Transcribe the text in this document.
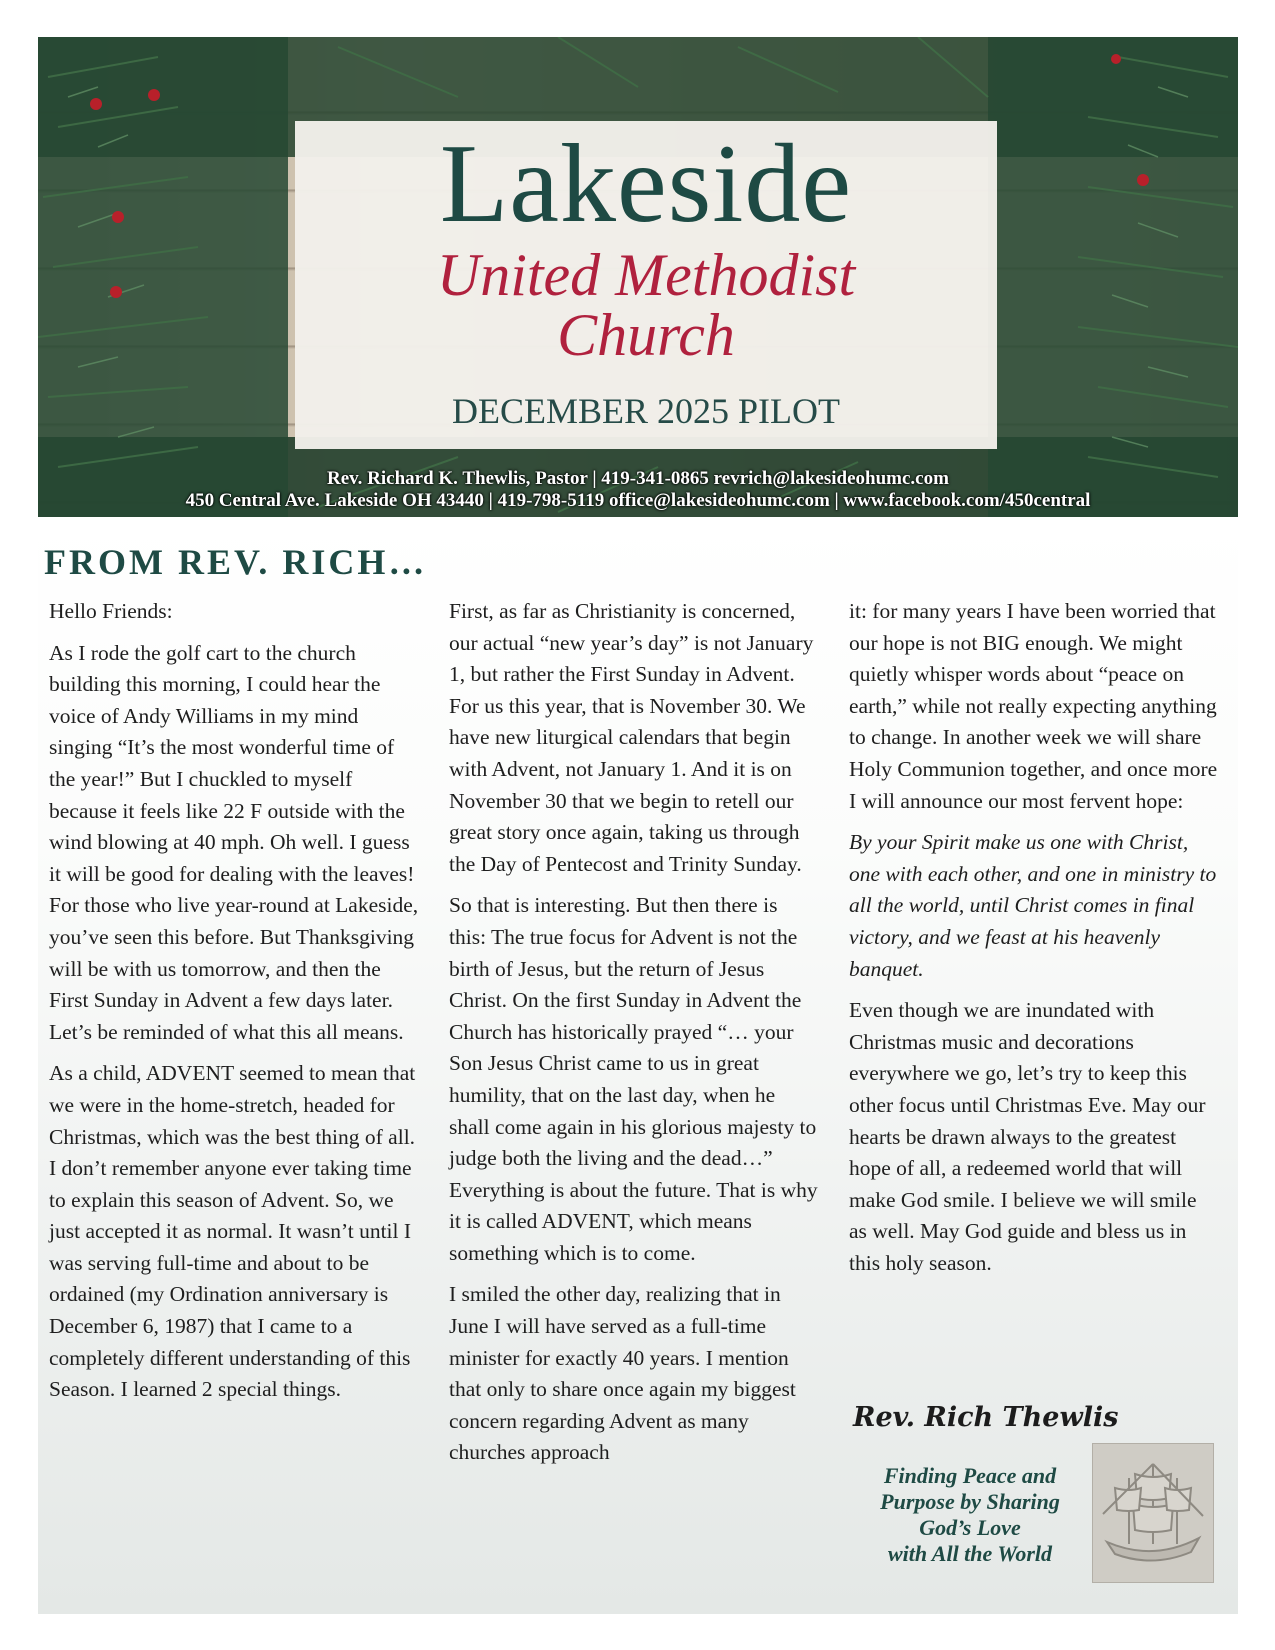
Lakeside
United Methodist
Church
DECEMBER 2025 PILOT
Rev. Richard K. Thewlis, Pastor | 419-341-0865 revrich@lakesideohumc.com
450 Central Ave. Lakeside OH 43440 | 419-798-5119 office@lakesideohumc.com | www.facebook.com/450central
FROM REV. RICH…

Hello Friends:

As I rode the golf cart to the church building this morning, I could hear the voice of Andy Williams in my mind singing “It’s the most wonderful time of the year!” But I chuckled to myself because it feels like 22 F outside with the wind blowing at 40 mph. Oh well. I guess it will be good for dealing with the leaves! For those who live year-round at Lakeside, you’ve seen this before. But Thanksgiving will be with us tomorrow, and then the First Sunday in Advent a few days later. Let’s be reminded of what this all means.

As a child, ADVENT seemed to mean that we were in the home-stretch, headed for Christmas, which was the best thing of all. I don’t remember anyone ever taking time to explain this season of Advent. So, we just accepted it as normal. It wasn’t until I was serving full-time and about to be ordained (my Ordination anniversary is December 6, 1987) that I came to a completely different understanding of this Season. I learned 2 special things.

First, as far as Christianity is concerned, our actual “new year’s day” is not January 1, but rather the First Sunday in Advent. For us this year, that is November 30. We have new liturgical calendars that begin with Advent, not January 1. And it is on November 30 that we begin to retell our great story once again, taking us through the Day of Pentecost and Trinity Sunday.

So that is interesting. But then there is this: The true focus for Advent is not the birth of Jesus, but the return of Jesus Christ. On the first Sunday in Advent the Church has historically prayed “… your Son Jesus Christ came to us in great humility, that on the last day, when he shall come again in his glorious majesty to judge both the living and the dead…” Everything is about the future. That is why it is called ADVENT, which means something which is to come.

I smiled the other day, realizing that in June I will have served as a full-time minister for exactly 40 years. I mention that only to share once again my biggest concern regarding Advent as many churches approach

it: for many years I have been worried that our hope is not BIG enough. We might quietly whisper words about “peace on earth,” while not really expecting anything to change. In another week we will share Holy Communion together, and once more I will announce our most fervent hope:

By your Spirit make us one with Christ, one with each other, and one in ministry to all the world, until Christ comes in final victory, and we feast at his heavenly banquet.

Even though we are inundated with Christmas music and decorations everywhere we go, let’s try to keep this other focus until Christmas Eve. May our hearts be drawn always to the greatest hope of all, a redeemed world that will make God smile. I believe we will smile as well. May God guide and bless us in this holy season.

Rev. Rich Thewlis
Finding Peace and
Purpose by Sharing
God’s Love
with All the World
